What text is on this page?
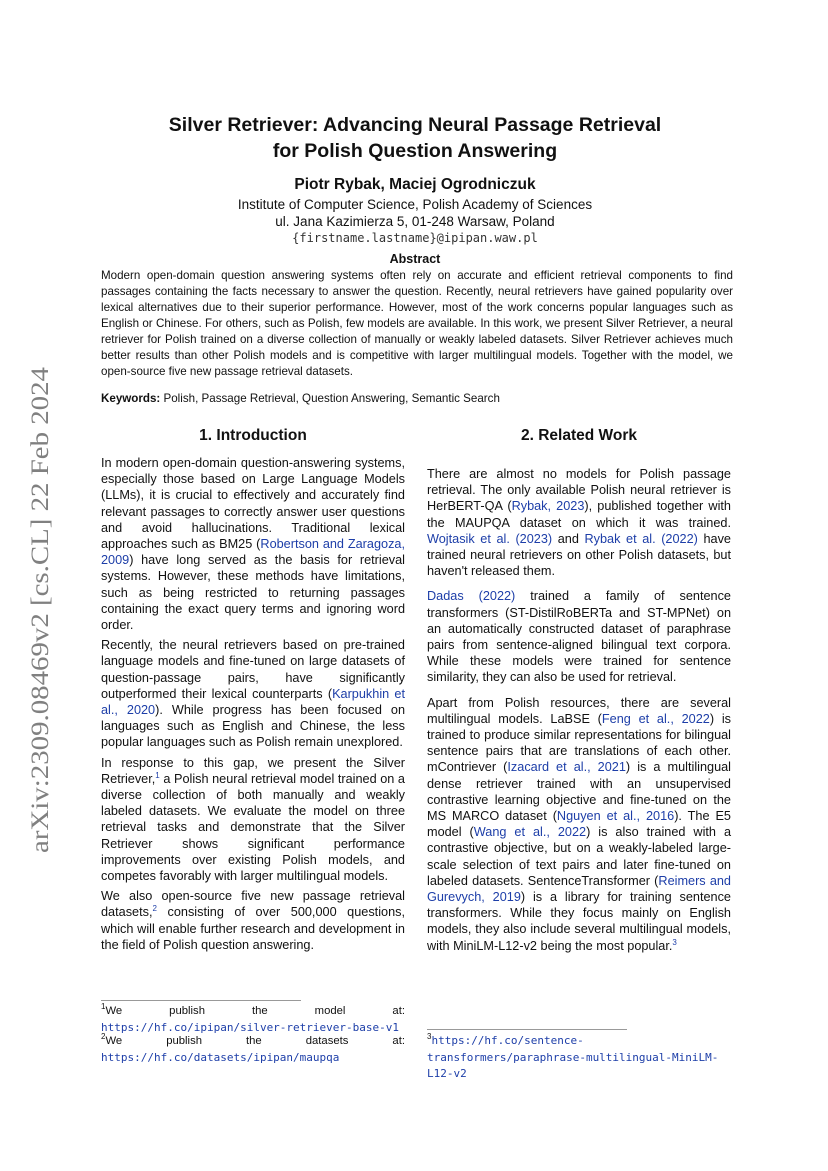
arXiv:2309.08469v2 [cs.CL] 22 Feb 2024
Silver Retriever: Advancing Neural Passage Retrieval
for Polish Question Answering
Piotr Rybak, Maciej Ogrodniczuk
Institute of Computer Science, Polish Academy of Sciences
ul. Jana Kazimierza 5, 01-248 Warsaw, Poland
{firstname.lastname}@ipipan.waw.pl
Abstract
Modern open-domain question answering systems often rely on accurate and efficient retrieval components to find passages containing the facts necessary to answer the question. Recently, neural retrievers have gained popularity over lexical alternatives due to their superior performance. However, most of the work concerns popular languages such as English or Chinese. For others, such as Polish, few models are available. In this work, we present Silver Retriever, a neural retriever for Polish trained on a diverse collection of manually or weakly labeled datasets. Silver Retriever achieves much better results than other Polish models and is competitive with larger multilingual models. Together with the model, we open-source five new passage retrieval datasets.
Keywords: Polish, Passage Retrieval, Question Answering, Semantic Search
1. Introduction

In modern open-domain question-answering systems, especially those based on Large Language Models (LLMs), it is crucial to effectively and accurately find relevant passages to correctly answer user questions and avoid hallucinations. Traditional lexical approaches such as BM25 (Robertson and Zaragoza, 2009) have long served as the basis for retrieval systems. However, these methods have limitations, such as being restricted to returning passages containing the exact query terms and ignoring word order.

Recently, the neural retrievers based on pre-trained language models and fine-tuned on large datasets of question-passage pairs, have significantly outperformed their lexical counterparts (Karpukhin et al., 2020). While progress has been focused on languages such as English and Chinese, the less popular languages such as Polish remain unexplored.

In response to this gap, we present the Silver Retriever,$^1$ a Polish neural retrieval model trained on a diverse collection of both manually and weakly labeled datasets. We evaluate the model on three retrieval tasks and demonstrate that the Silver Retriever shows significant performance improvements over existing Polish models, and competes favorably with larger multilingual models.

We also open-source five new passage retrieval datasets,$^2$ consisting of over 500,000 questions, which will enable further research and development in the field of Polish question answering.

2. Related Work

There are almost no models for Polish passage retrieval. The only available Polish neural retriever is HerBERT-QA (Rybak, 2023), published together with the MAUPQA dataset on which it was trained. Wojtasik et al. (2023) and Rybak et al. (2022) have trained neural retrievers on other Polish datasets, but haven't released them.

Dadas (2022) trained a family of sentence transformers (ST-DistilRoBERTa and ST-MPNet) on an automatically constructed dataset of paraphrase pairs from sentence-aligned bilingual text corpora. While these models were trained for sentence similarity, they can also be used for retrieval.

Apart from Polish resources, there are several multilingual models. LaBSE (Feng et al., 2022) is trained to produce similar representations for bilingual sentence pairs that are translations of each other. mContriever (Izacard et al., 2021) is a multilingual dense retriever trained with an unsupervised contrastive learning objective and fine-tuned on the MS MARCO dataset (Nguyen et al., 2016). The E5 model (Wang et al., 2022) is also trained with a contrastive objective, but on a weakly-labeled large-scale selection of text pairs and later fine-tuned on labeled datasets. SentenceTransformer (Reimers and Gurevych, 2019) is a library for training sentence transformers. While they focus mainly on English models, they also include several multilingual models, with MiniLM-L12-v2 being the most popular.$^3$

$^1$We publish the model at: https://hf.co/ipipan/silver-retriever-base-v1
$^2$We publish the datasets at: https://hf.co/datasets/ipipan/maupqa
$^3$https://hf.co/sentence-transformers/paraphrase-multilingual-MiniLM-L12-v2
